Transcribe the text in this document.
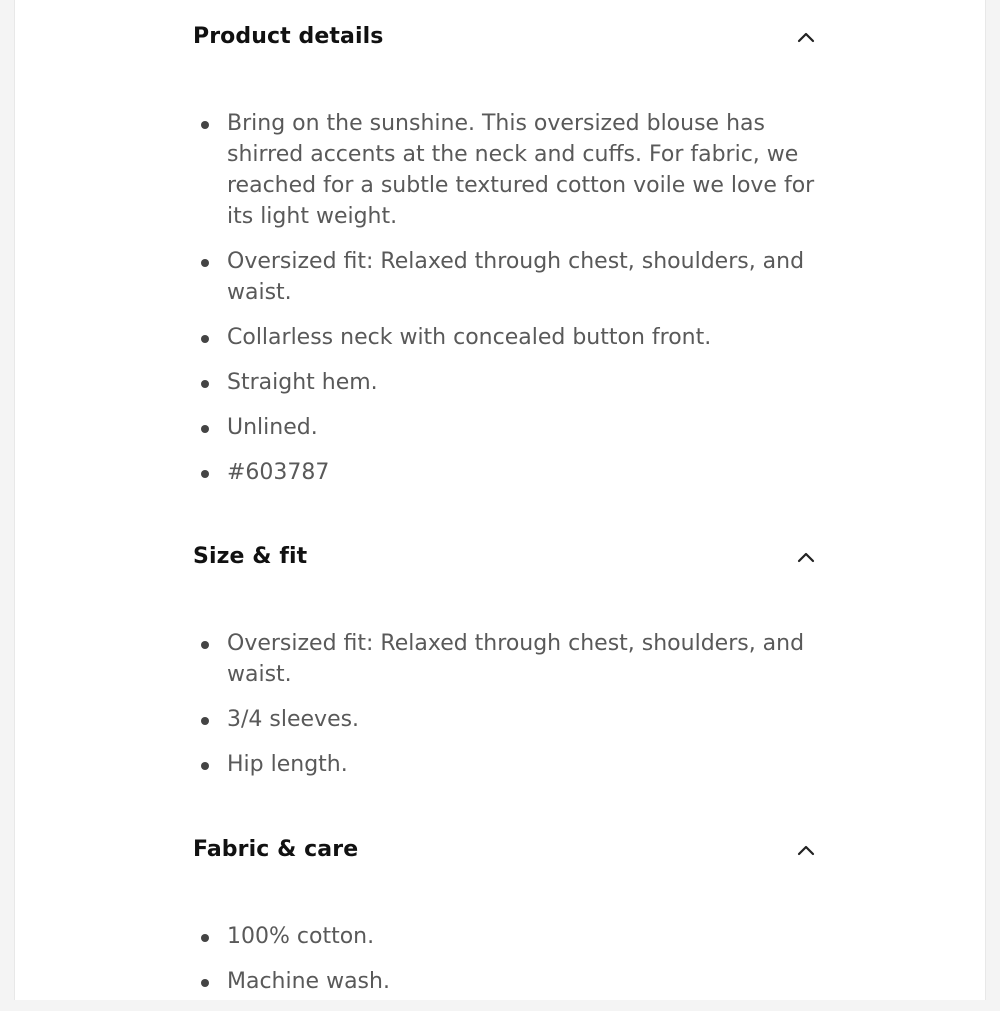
Product details
Bring on the sunshine. This oversized blouse has shirred accents at the neck and cuffs. For fabric, we reached for a subtle textured cotton voile we love for its light weight.
Oversized fit: Relaxed through chest, shoulders, and waist.
Collarless neck with concealed button front.
Straight hem.
Unlined.
#603787
Size & fit
Oversized fit: Relaxed through chest, shoulders, and waist.
3/4 sleeves.
Hip length.
Fabric & care
100% cotton.
Machine wash.
